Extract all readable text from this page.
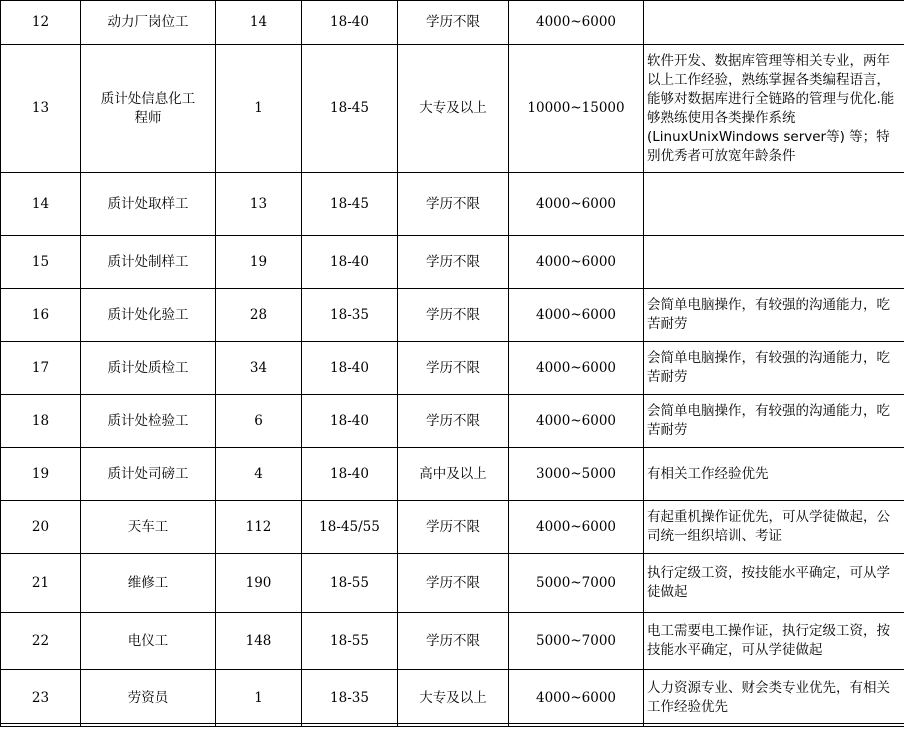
12	动力厂岗位工	14	18-40	学历不限	4000~6000	
13	质计处信息化工程师	1	18-45	大专及以上	10000~15000	软件开发、数据库管理等相关专业，两年以上工作经验，熟练掌握各类编程语言，能够对数据库进行全链路的管理与优化.能够熟练使用各类操作系统(LinuxUnixWindows server等) 等；特别优秀者可放宽年龄条件
14	质计处取样工	13	18-45	学历不限	4000~6000	
15	质计处制样工	19	18-40	学历不限	4000~6000	
16	质计处化验工	28	18-35	学历不限	4000~6000	会简单电脑操作，有较强的沟通能力，吃苦耐劳
17	质计处质检工	34	18-40	学历不限	4000~6000	会简单电脑操作，有较强的沟通能力，吃苦耐劳
18	质计处检验工	6	18-40	学历不限	4000~6000	会简单电脑操作，有较强的沟通能力，吃苦耐劳
19	质计处司磅工	4	18-40	高中及以上	3000~5000	有相关工作经验优先
20	天车工	112	18-45/55	学历不限	4000~6000	有起重机操作证优先，可从学徒做起，公司统一组织培训、考证
21	维修工	190	18-55	学历不限	5000~7000	执行定级工资，按技能水平确定，可从学徒做起
22	电仪工	148	18-55	学历不限	5000~7000	电工需要电工操作证，执行定级工资，按技能水平确定，可从学徒做起
23	劳资员	1	18-35	大专及以上	4000~6000	人力资源专业、财会类专业优先，有相关工作经验优先
